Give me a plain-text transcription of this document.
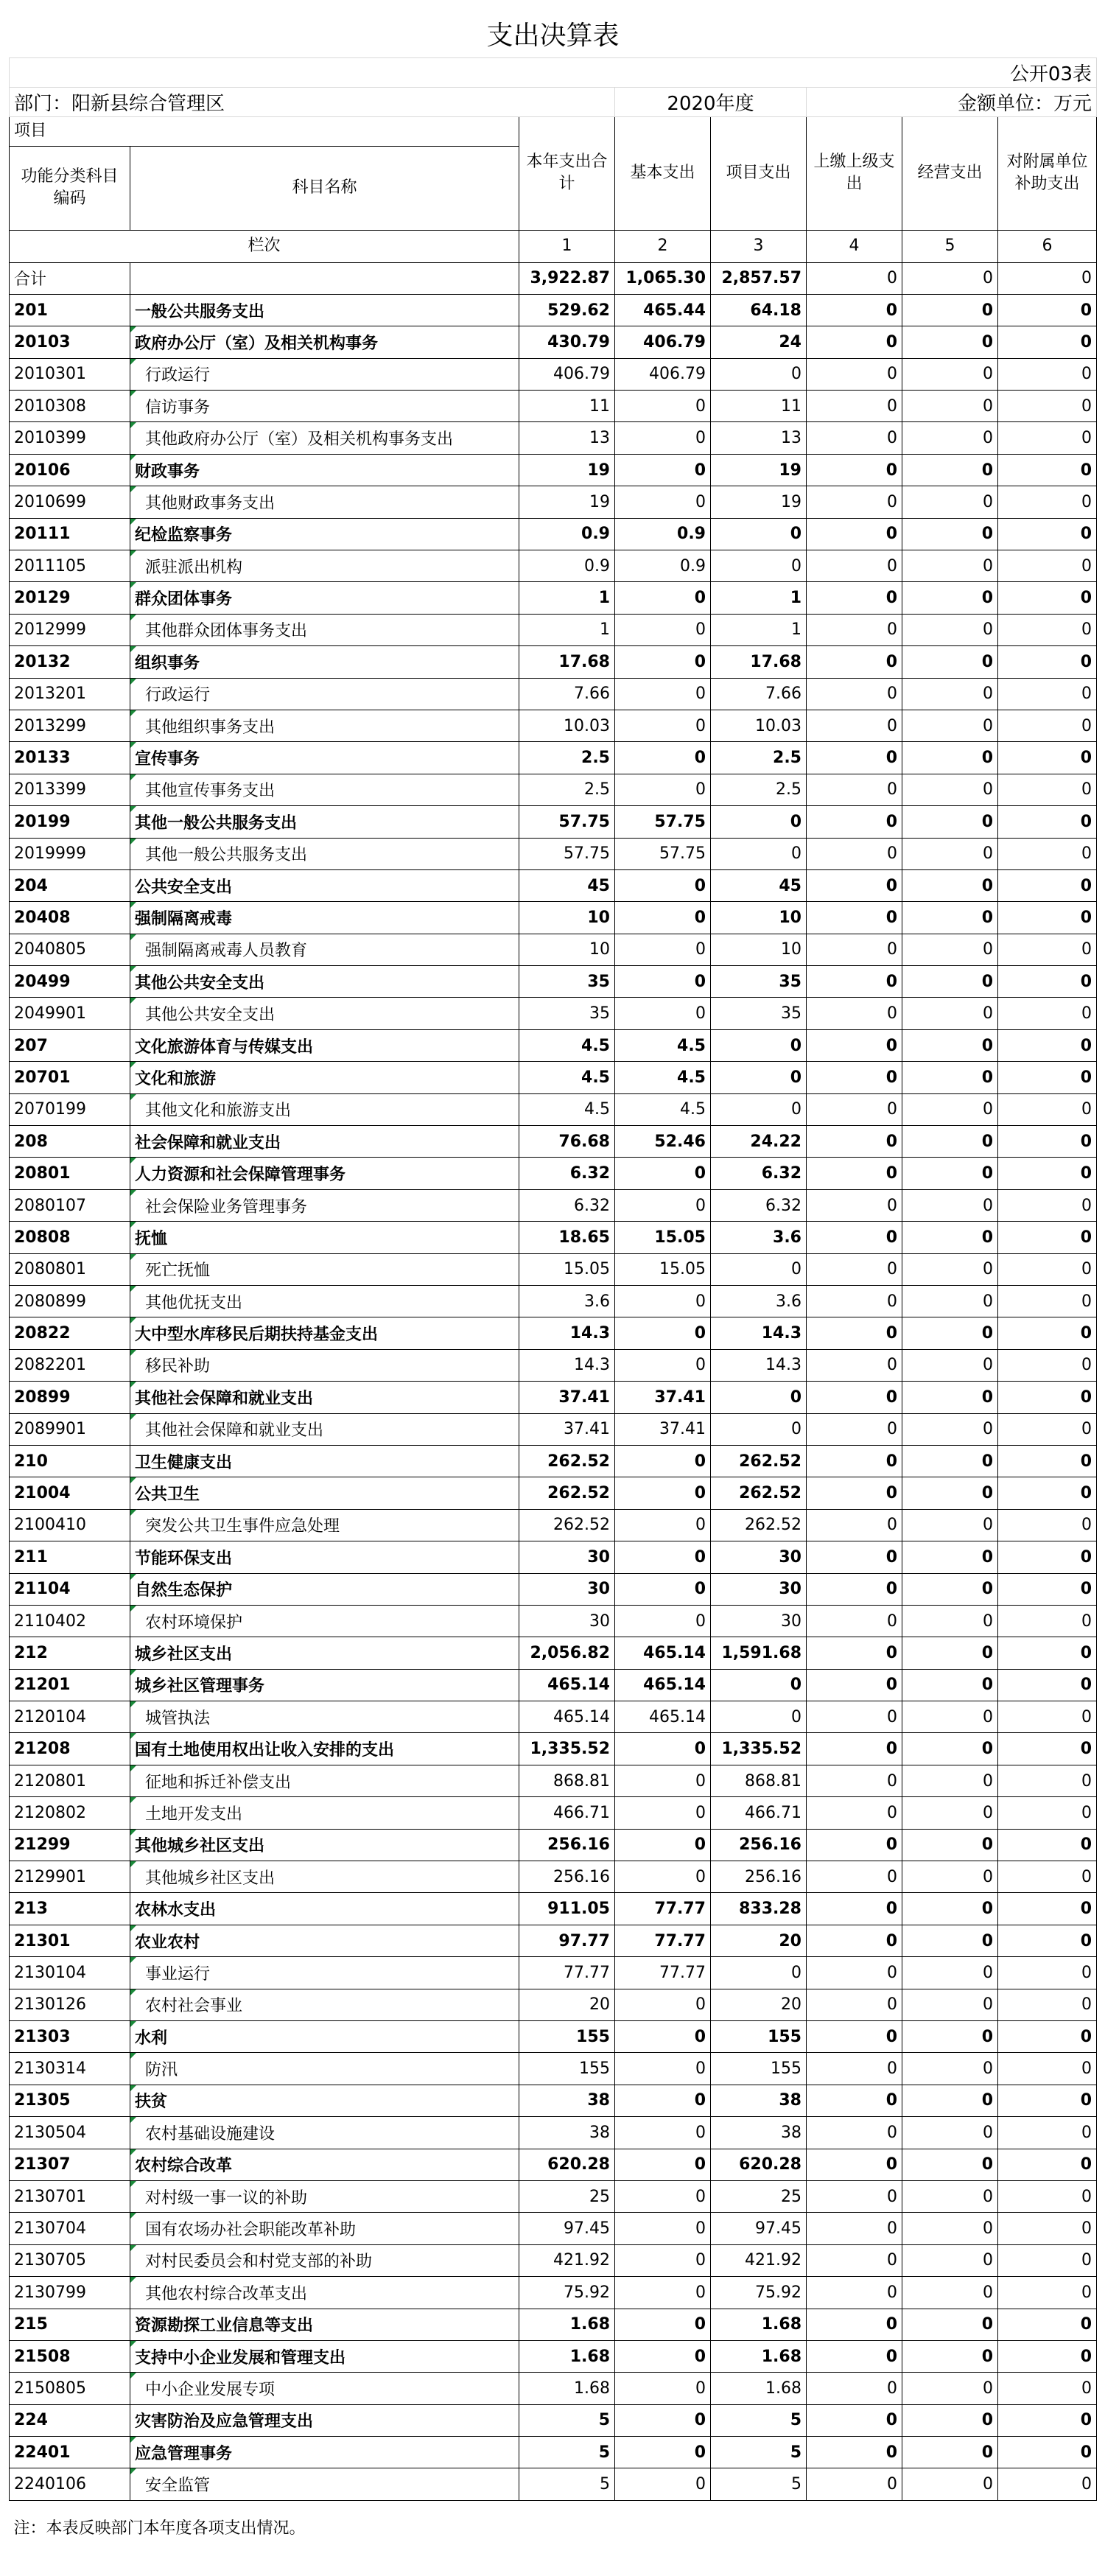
支出决算表							
							公开03表
部门：阳新县综合管理区			2020年度			金额单位：万元	
项目		本年支出合计	基本支出	项目支出	上缴上级支出	经营支出	对附属单位补助支出
功能分类科目编码	科目名称						
栏次		1	2	3	4	5	6
合计		3,922.87	1,065.30	2,857.57	0	0	0
201	一般公共服务支出	529.62	465.44	64.18	0	0	0
20103	政府办公厅（室）及相关机构事务	430.79	406.79	24	0	0	0
2010301	行政运行	406.79	406.79	0	0	0	0
2010308	信访事务	11	0	11	0	0	0
2010399	其他政府办公厅（室）及相关机构事务支出	13	0	13	0	0	0
20106	财政事务	19	0	19	0	0	0
2010699	其他财政事务支出	19	0	19	0	0	0
20111	纪检监察事务	0.9	0.9	0	0	0	0
2011105	派驻派出机构	0.9	0.9	0	0	0	0
20129	群众团体事务	1	0	1	0	0	0
2012999	其他群众团体事务支出	1	0	1	0	0	0
20132	组织事务	17.68	0	17.68	0	0	0
2013201	行政运行	7.66	0	7.66	0	0	0
2013299	其他组织事务支出	10.03	0	10.03	0	0	0
20133	宣传事务	2.5	0	2.5	0	0	0
2013399	其他宣传事务支出	2.5	0	2.5	0	0	0
20199	其他一般公共服务支出	57.75	57.75	0	0	0	0
2019999	其他一般公共服务支出	57.75	57.75	0	0	0	0
204	公共安全支出	45	0	45	0	0	0
20408	强制隔离戒毒	10	0	10	0	0	0
2040805	强制隔离戒毒人员教育	10	0	10	0	0	0
20499	其他公共安全支出	35	0	35	0	0	0
2049901	其他公共安全支出	35	0	35	0	0	0
207	文化旅游体育与传媒支出	4.5	4.5	0	0	0	0
20701	文化和旅游	4.5	4.5	0	0	0	0
2070199	其他文化和旅游支出	4.5	4.5	0	0	0	0
208	社会保障和就业支出	76.68	52.46	24.22	0	0	0
20801	人力资源和社会保障管理事务	6.32	0	6.32	0	0	0
2080107	社会保险业务管理事务	6.32	0	6.32	0	0	0
20808	抚恤	18.65	15.05	3.6	0	0	0
2080801	死亡抚恤	15.05	15.05	0	0	0	0
2080899	其他优抚支出	3.6	0	3.6	0	0	0
20822	大中型水库移民后期扶持基金支出	14.3	0	14.3	0	0	0
2082201	移民补助	14.3	0	14.3	0	0	0
20899	其他社会保障和就业支出	37.41	37.41	0	0	0	0
2089901	其他社会保障和就业支出	37.41	37.41	0	0	0	0
210	卫生健康支出	262.52	0	262.52	0	0	0
21004	公共卫生	262.52	0	262.52	0	0	0
2100410	突发公共卫生事件应急处理	262.52	0	262.52	0	0	0
211	节能环保支出	30	0	30	0	0	0
21104	自然生态保护	30	0	30	0	0	0
2110402	农村环境保护	30	0	30	0	0	0
212	城乡社区支出	2,056.82	465.14	1,591.68	0	0	0
21201	城乡社区管理事务	465.14	465.14	0	0	0	0
2120104	城管执法	465.14	465.14	0	0	0	0
21208	国有土地使用权出让收入安排的支出	1,335.52	0	1,335.52	0	0	0
2120801	征地和拆迁补偿支出	868.81	0	868.81	0	0	0
2120802	土地开发支出	466.71	0	466.71	0	0	0
21299	其他城乡社区支出	256.16	0	256.16	0	0	0
2129901	其他城乡社区支出	256.16	0	256.16	0	0	0
213	农林水支出	911.05	77.77	833.28	0	0	0
21301	农业农村	97.77	77.77	20	0	0	0
2130104	事业运行	77.77	77.77	0	0	0	0
2130126	农村社会事业	20	0	20	0	0	0
21303	水利	155	0	155	0	0	0
2130314	防汛	155	0	155	0	0	0
21305	扶贫	38	0	38	0	0	0
2130504	农村基础设施建设	38	0	38	0	0	0
21307	农村综合改革	620.28	0	620.28	0	0	0
2130701	对村级一事一议的补助	25	0	25	0	0	0
2130704	国有农场办社会职能改革补助	97.45	0	97.45	0	0	0
2130705	对村民委员会和村党支部的补助	421.92	0	421.92	0	0	0
2130799	其他农村综合改革支出	75.92	0	75.92	0	0	0
215	资源勘探工业信息等支出	1.68	0	1.68	0	0	0
21508	支持中小企业发展和管理支出	1.68	0	1.68	0	0	0
2150805	中小企业发展专项	1.68	0	1.68	0	0	0
224	灾害防治及应急管理支出	5	0	5	0	0	0
22401	应急管理事务	5	0	5	0	0	0
2240106	安全监管	5	0	5	0	0	0
注：本表反映部门本年度各项支出情况。							
